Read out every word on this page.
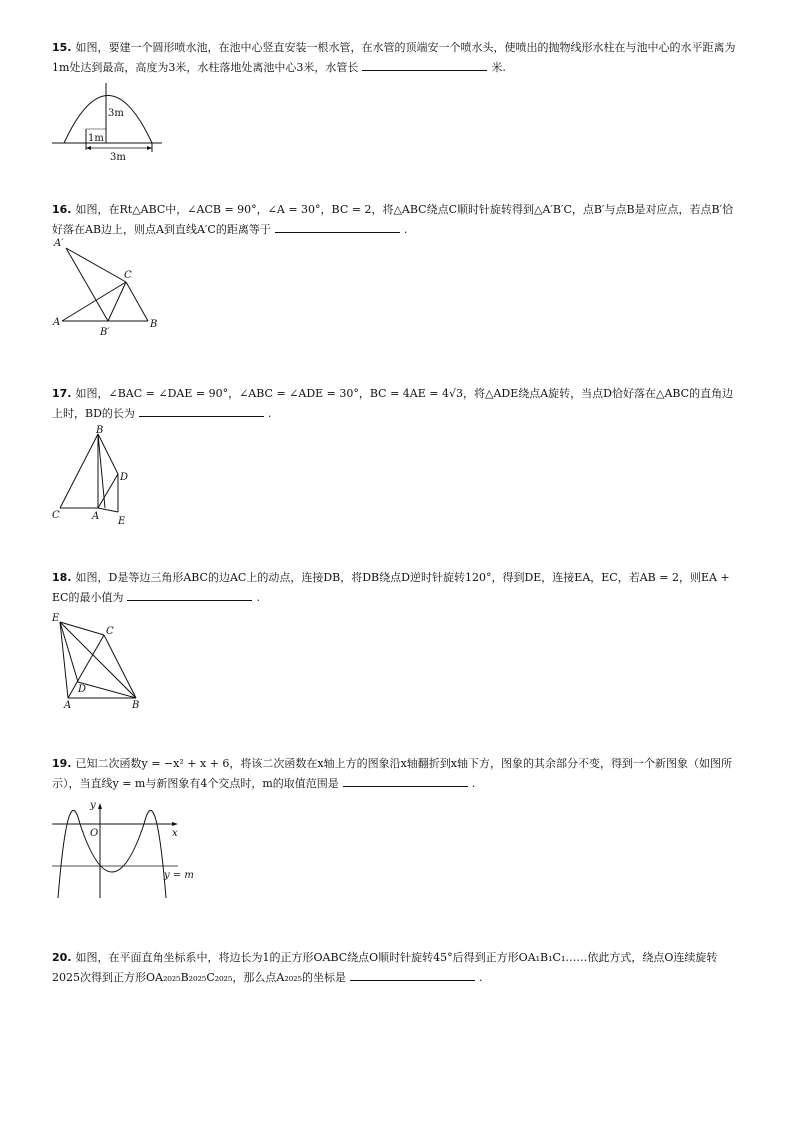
15. 如图，要建一个圆形喷水池，在池中心竖直安装一根水管，在水管的顶端安一个喷水头，使喷出的抛物线形水柱在与池中心的水平距离为1m处达到最高，高度为3米，水柱落地处离池中心3米，水管长	米.
3m
1m
3m
16. 如图，在Rt△ABC中，∠ACB = 90°，∠A = 30°，BC = 2，将△ABC绕点C顺时针旋转得到△A′B′C，点B′与点B是对应点，若点B′恰好落在AB边上，则点A到直线A′C的距离等于	.
A′
C
A
B′
B
17. 如图，∠BAC = ∠DAE = 90°，∠ABC = ∠ADE = 30°，BC = 4AE = 4√3，将△ADE绕点A旋转，当点D恰好落在△ABC的直角边上时，BD的长为	.
B
D
C	A E
18. 如图，D是等边三角形ABC的边AC上的动点，连接DB，将DB绕点D逆时针旋转120°，得到DE，连接EA，EC，若AB = 2，则EA + EC的最小值为	.
E
C
D
A	B
19. 已知二次函数y = −x² + x + 6，将该二次函数在x轴上方的图象沿x轴翻折到x轴下方，图象的其余部分不变，得到一个新图象（如图所示），当直线y = m与新图象有4个交点时，m的取值范围是	.
y
O	x
y = m
20. 如图，在平面直角坐标系中，将边长为1的正方形OABC绕点O顺时针旋转45°后得到正方形OA₁B₁C₁……依此方式，绕点O连续旋转2025次得到正方形OA₂₀₂₅B₂₀₂₅C₂₀₂₅，那么点A₂₀₂₅的坐标是	.
